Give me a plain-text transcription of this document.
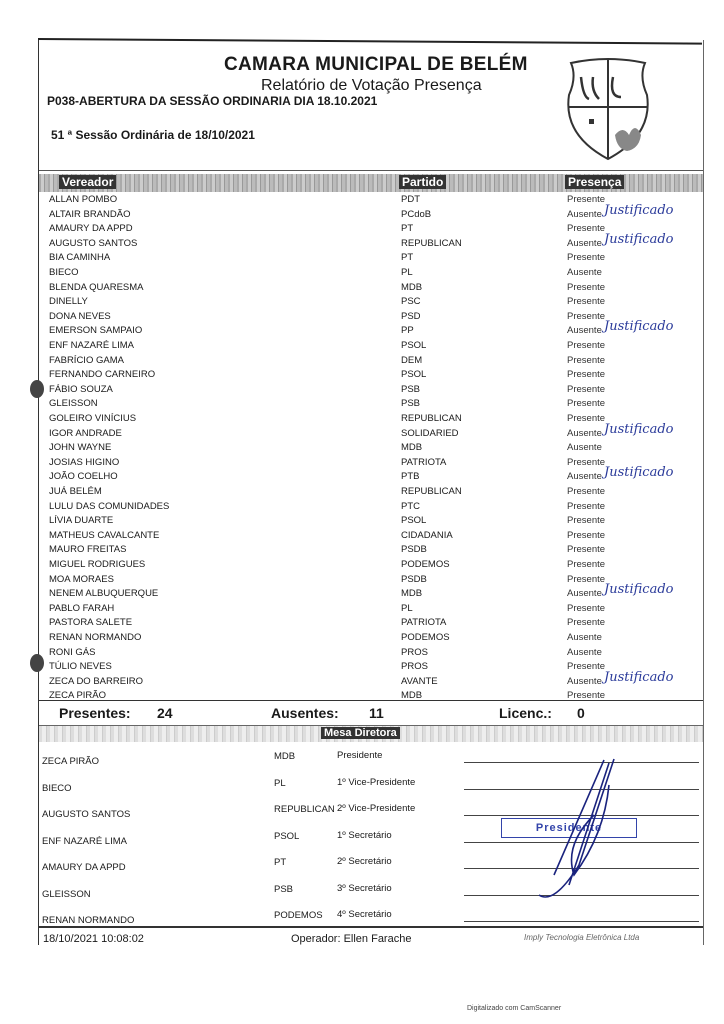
CAMARA MUNICIPAL DE BELÉM
Relatório de Votação Presença
P038-ABERTURA DA SESSÃO ORDINARIA DIA 18.10.2021
51 ª Sessão Ordinária de 18/10/2021
Vereador	Partido	Presença
ALLAN POMBO	PDT	Presente
ALTAIR BRANDÃO	PCdoB	Ausente Justificado
AMAURY DA APPD	PT	Presente
AUGUSTO SANTOS	REPUBLICAN	Ausente Justificado
BIA CAMINHA	PT	Presente
BIECO	PL	Ausente
BLENDA QUARESMA	MDB	Presente
DINELLY	PSC	Presente
DONA NEVES	PSD	Presente
EMERSON SAMPAIO	PP	Ausente Justificado
ENF NAZARÉ LIMA	PSOL	Presente
FABRÍCIO GAMA	DEM	Presente
FERNANDO CARNEIRO	PSOL	Presente
FÁBIO SOUZA	PSB	Presente
GLEISSON	PSB	Presente
GOLEIRO VINÍCIUS	REPUBLICAN	Presente
IGOR ANDRADE	SOLIDARIED	Ausente Justificado
JOHN WAYNE	MDB	Ausente
JOSIAS HIGINO	PATRIOTA	Presente
JOÃO COELHO	PTB	Ausente Justificado
JUÁ BELÉM	REPUBLICAN	Presente
LULU DAS COMUNIDADES	PTC	Presente
LÍVIA DUARTE	PSOL	Presente
MATHEUS CAVALCANTE	CIDADANIA	Presente
MAURO FREITAS	PSDB	Presente
MIGUEL RODRIGUES	PODEMOS	Presente
MOA MORAES	PSDB	Presente
NENEM ALBUQUERQUE	MDB	Ausente Justificado
PABLO FARAH	PL	Presente
PASTORA SALETE	PATRIOTA	Presente
RENAN NORMANDO	PODEMOS	Ausente
RONI GÁS	PROS	Ausente
TÚLIO NEVES	PROS	Presente
ZECA DO BARREIRO	AVANTE	Ausente Justificado
ZECA PIRÃO	MDB	Presente
Presentes: 24	Ausentes: 11	Licenc.: 0
Mesa Diretora
ZECA PIRÃO	MDB	Presidente
BIECO	PL	1º Vice-Presidente
AUGUSTO SANTOS	REPUBLICAN 2º Vice-Presidente
ENF NAZARÉ LIMA	PSOL	1º Secretário
AMAURY DA APPD	PT	2º Secretário
GLEISSON	PSB	3º Secretário
RENAN NORMANDO	PODEMOS 4º Secretário
Presidente
18/10/2021 10:08:02	Operador: Ellen Farache	Imply Tecnologia Eletrônica Ltda
Digitalizado com CamScanner
